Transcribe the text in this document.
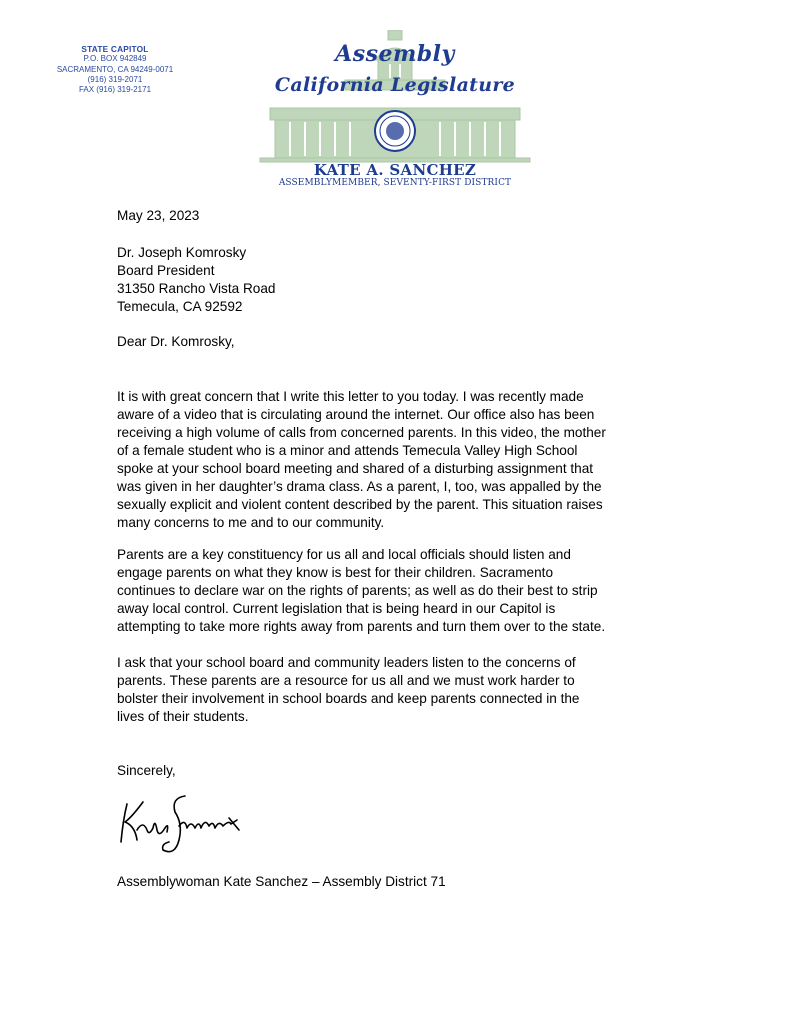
STATE CAPITOL
P.O. BOX 942849
SACRAMENTO, CA 94249-0071
(916) 319-2071
FAX (916) 319-2171
Assembly
California Legislature
KATE A. SANCHEZ
ASSEMBLYMEMBER, SEVENTY-FIRST DISTRICT
May 23, 2023
Dr. Joseph Komrosky
Board President
31350 Rancho Vista Road
Temecula, CA 92592
Dear Dr. Komrosky,
It is with great concern that I write this letter to you today. I was recently made
aware of a video that is circulating around the internet. Our office also has been
receiving a high volume of calls from concerned parents. In this video, the mother
of a female student who is a minor and attends Temecula Valley High School
spoke at your school board meeting and shared of a disturbing assignment that
was given in her daughter’s drama class. As a parent, I, too, was appalled by the
sexually explicit and violent content described by the parent. This situation raises
many concerns to me and to our community.
Parents are a key constituency for us all and local officials should listen and
engage parents on what they know is best for their children. Sacramento
continues to declare war on the rights of parents; as well as do their best to strip
away local control. Current legislation that is being heard in our Capitol is
attempting to take more rights away from parents and turn them over to the state.
I ask that your school board and community leaders listen to the concerns of
parents. These parents are a resource for us all and we must work harder to
bolster their involvement in school boards and keep parents connected in the
lives of their students.
Sincerely,
Assemblywoman Kate Sanchez – Assembly District 71
